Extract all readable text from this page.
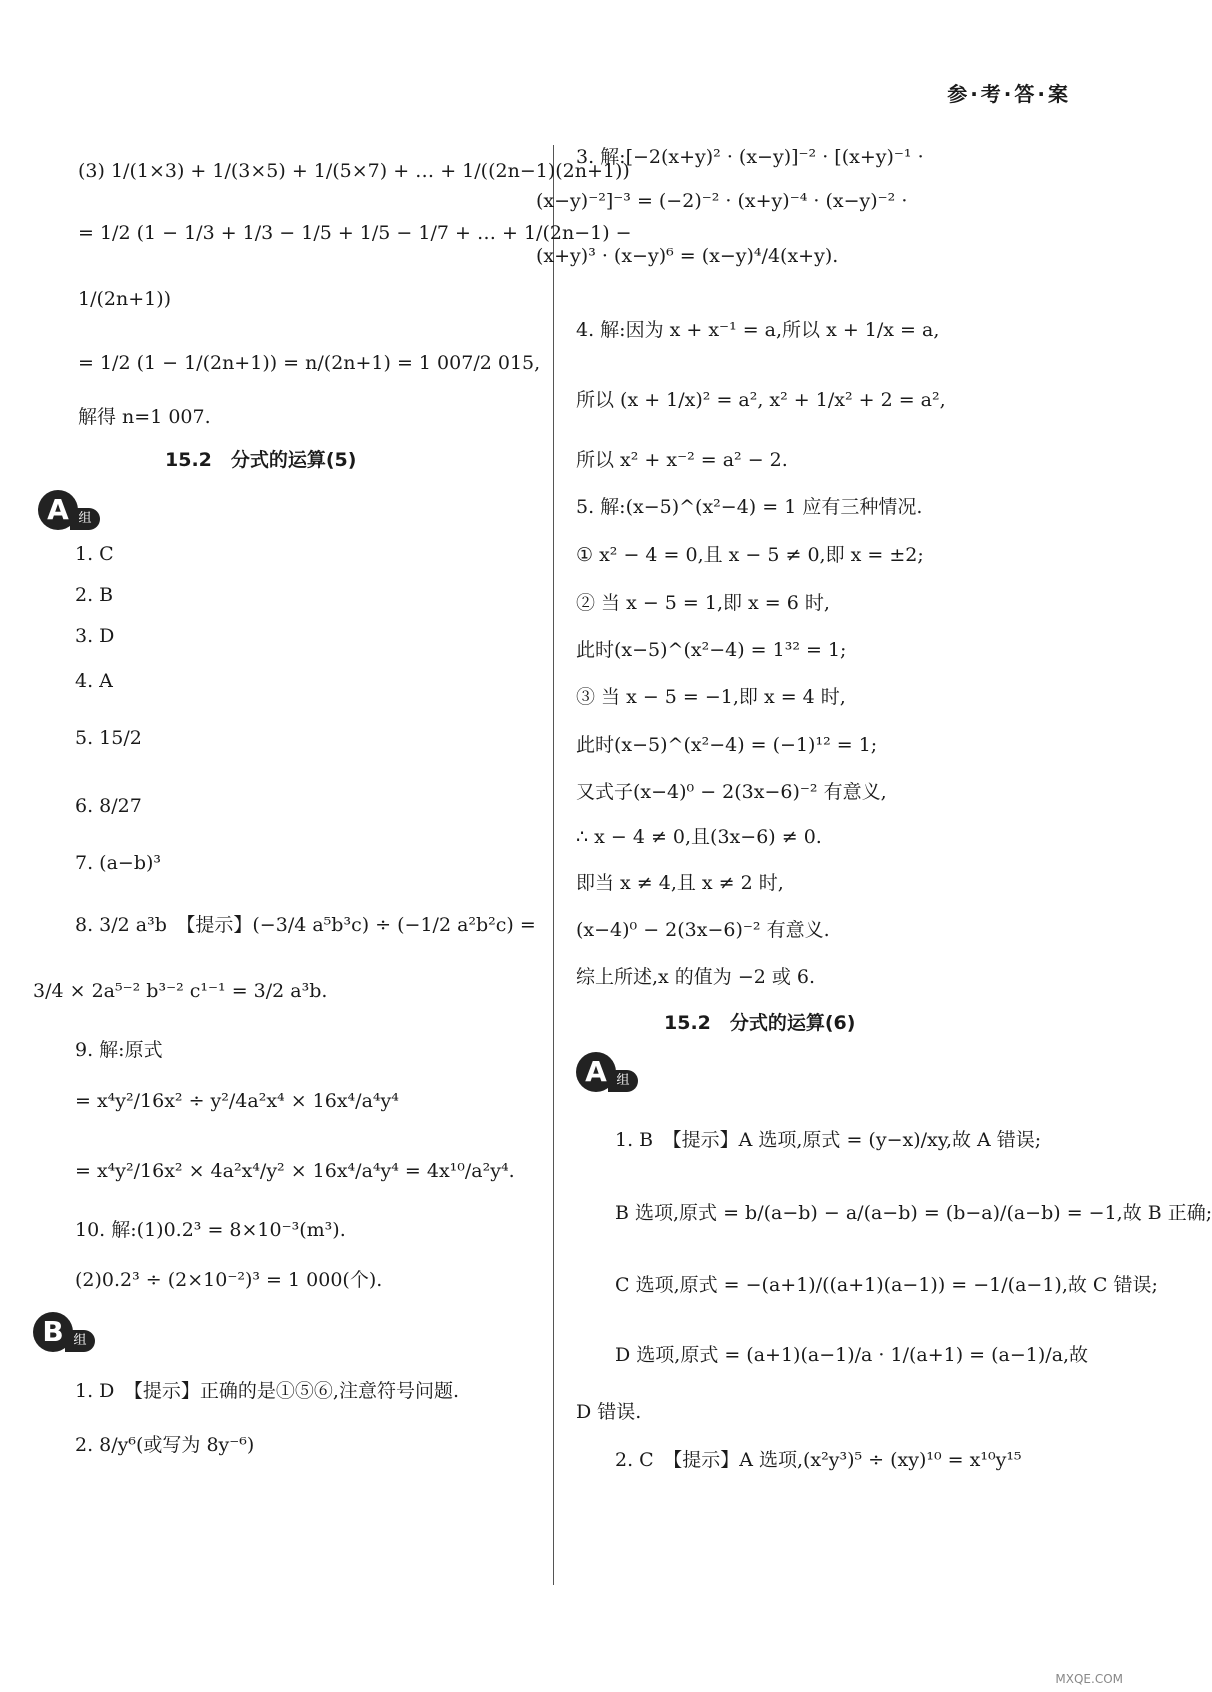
参·考·答·案
(3) 1/(1×3) + 1/(3×5) + 1/(5×7) + … + 1/((2n−1)(2n+1))
= 1/2 (1 − 1/3 + 1/3 − 1/5 + 1/5 − 1/7 + … + 1/(2n−1) −
1/(2n+1))
= 1/2 (1 − 1/(2n+1)) = n/(2n+1) = 1 007/2 015,
解得 n=1 007.
15.2　分式的运算(5)
A 组
1. C
2. B
3. D
4. A
5. 15/2
6. 8/27
7. (a−b)³
8. 3/2 a³b　【提示】(−3/4 a⁵b³c) ÷ (−1/2 a²b²c) =
3/4 × 2a⁵⁻² b³⁻² c¹⁻¹ = 3/2 a³b.
9. 解:原式
= x⁴y²/16x² ÷ y²/4a²x⁴ × 16x⁴/a⁴y⁴
= x⁴y²/16x² × 4a²x⁴/y² × 16x⁴/a⁴y⁴ = 4x¹⁰/a²y⁴.
10. 解:(1)0.2³ = 8×10⁻³(m³).
(2)0.2³ ÷ (2×10⁻²)³ = 1 000(个).
B 组
1. D　【提示】正确的是①⑤⑥,注意符号问题.
2. 8/y⁶(或写为 8y⁻⁶)
3. 解:[−2(x+y)² · (x−y)]⁻² · [(x+y)⁻¹ ·
(x−y)⁻²]⁻³ = (−2)⁻² · (x+y)⁻⁴ · (x−y)⁻² ·
(x+y)³ · (x−y)⁶ = (x−y)⁴/4(x+y).
4. 解:因为 x + x⁻¹ = a,所以 x + 1/x = a,
所以 (x + 1/x)² = a², x² + 1/x² + 2 = a²,
所以 x² + x⁻² = a² − 2.
5. 解:(x−5)^(x²−4) = 1 应有三种情况.
① x² − 4 = 0,且 x − 5 ≠ 0,即 x = ±2;
② 当 x − 5 = 1,即 x = 6 时,
此时(x−5)^(x²−4) = 1³² = 1;
③ 当 x − 5 = −1,即 x = 4 时,
此时(x−5)^(x²−4) = (−1)¹² = 1;
又式子(x−4)⁰ − 2(3x−6)⁻² 有意义,
∴ x − 4 ≠ 0,且(3x−6) ≠ 0.
即当 x ≠ 4,且 x ≠ 2 时,
(x−4)⁰ − 2(3x−6)⁻² 有意义.
综上所述,x 的值为 −2 或 6.
15.2　分式的运算(6)
A 组
1. B　【提示】A 选项,原式 = (y−x)/xy,故 A 错误;
B 选项,原式 = b/(a−b) − a/(a−b) = (b−a)/(a−b) = −1,故 B 正确;
C 选项,原式 = −(a+1)/((a+1)(a−1)) = −1/(a−1),故 C 错误;
D 选项,原式 = (a+1)(a−1)/a · 1/(a+1) = (a−1)/a,故
D 错误.
2. C　【提示】A 选项,(x²y³)⁵ ÷ (xy)¹⁰ = x¹⁰y¹⁵
MXQE.COM
